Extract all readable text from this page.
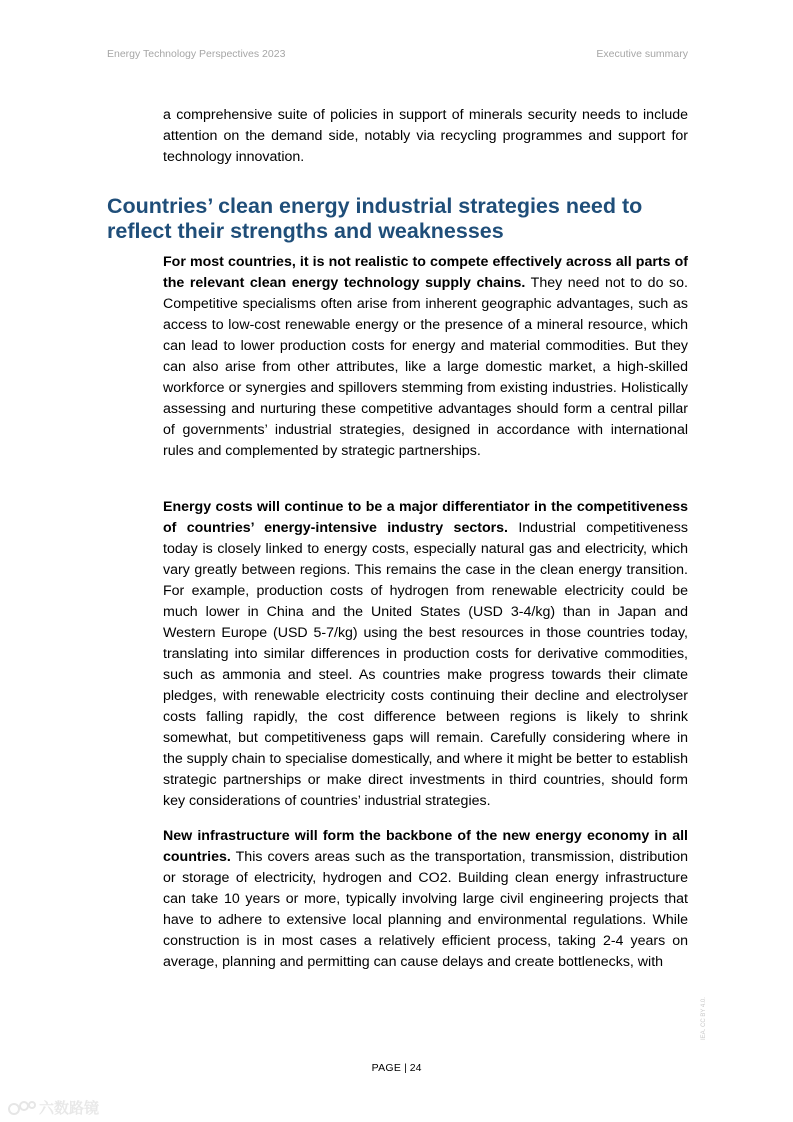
Energy Technology Perspectives 2023	Executive summary

a comprehensive suite of policies in support of minerals security needs to include attention on the demand side, notably via recycling programmes and support for technology innovation.

Countries’ clean energy industrial strategies need to reflect their strengths and weaknesses

For most countries, it is not realistic to compete effectively across all parts of the relevant clean energy technology supply chains. They need not to do so. Competitive specialisms often arise from inherent geographic advantages, such as access to low-cost renewable energy or the presence of a mineral resource, which can lead to lower production costs for energy and material commodities. But they can also arise from other attributes, like a large domestic market, a high-skilled workforce or synergies and spillovers stemming from existing industries. Holistically assessing and nurturing these competitive advantages should form a central pillar of governments’ industrial strategies, designed in accordance with international rules and complemented by strategic partnerships.

Energy costs will continue to be a major differentiator in the competitiveness of countries’ energy-intensive industry sectors. Industrial competitiveness today is closely linked to energy costs, especially natural gas and electricity, which vary greatly between regions. This remains the case in the clean energy transition. For example, production costs of hydrogen from renewable electricity could be much lower in China and the United States (USD 3-4/kg) than in Japan and Western Europe (USD 5-7/kg) using the best resources in those countries today, translating into similar differences in production costs for derivative commodities, such as ammonia and steel. As countries make progress towards their climate pledges, with renewable electricity costs continuing their decline and electrolyser costs falling rapidly, the cost difference between regions is likely to shrink somewhat, but competitiveness gaps will remain. Carefully considering where in the supply chain to specialise domestically, and where it might be better to establish strategic partnerships or make direct investments in third countries, should form key considerations of countries’ industrial strategies.

New infrastructure will form the backbone of the new energy economy in all countries. This covers areas such as the transportation, transmission, distribution or storage of electricity, hydrogen and CO2. Building clean energy infrastructure can take 10 years or more, typically involving large civil engineering projects that have to adhere to extensive local planning and environmental regulations. While construction is in most cases a relatively efficient process, taking 2-4 years on average, planning and permitting can cause delays and create bottlenecks, with

PAGE | 24
IEA. CC BY 4.0.
六数路镜
